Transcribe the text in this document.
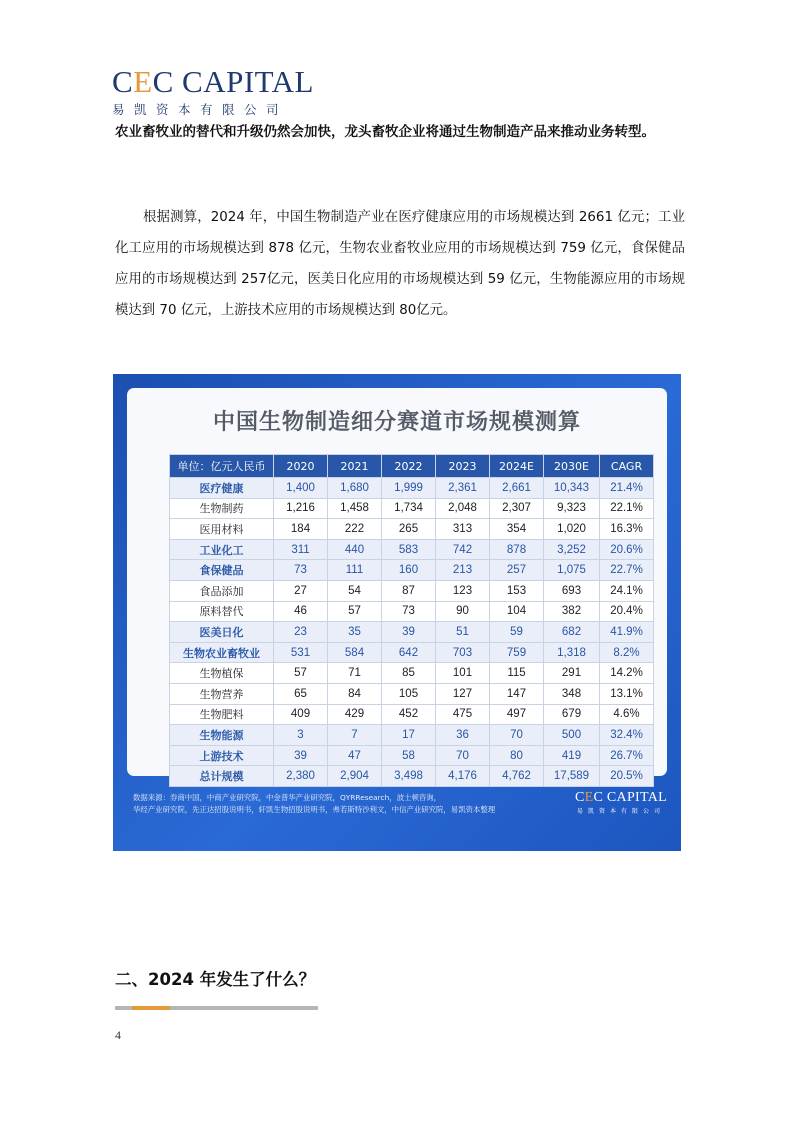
CEC CAPITAL
易凯资本有限公司
农业畜牧业的替代和升级仍然会加快，龙头畜牧企业将通过生物制造产品来推动业务转型。

根据测算，2024 年，中国生物制造产业在医疗健康应用的市场规模达到 2661 亿元；工业化工应用的市场规模达到 878 亿元，生物农业畜牧业应用的市场规模达到 759 亿元，食保健品应用的市场规模达到 257亿元，医美日化应用的市场规模达到 59 亿元，生物能源应用的市场规模达到 70 亿元，上游技术应用的市场规模达到 80亿元。

中国生物制造细分赛道市场规模测算
单位：亿元人民币	2020	2021	2022	2023	2024E	2030E	CAGR
医疗健康	1,400	1,680	1,999	2,361	2,661	10,343	21.4%
生物制药	1,216	1,458	1,734	2,048	2,307	9,323	22.1%
医用材料	184	222	265	313	354	1,020	16.3%
工业化工	311	440	583	742	878	3,252	20.6%
食保健品	73	111	160	213	257	1,075	22.7%
食品添加	27	54	87	123	153	693	24.1%
原料替代	46	57	73	90	104	382	20.4%
医美日化	23	35	39	51	59	682	41.9%
生物农业畜牧业	531	584	642	703	759	1,318	8.2%
生物植保	57	71	85	101	115	291	14.2%
生物营养	65	84	105	127	147	348	13.1%
生物肥料	409	429	452	475	497	679	4.6%
生物能源	3	7	17	36	70	500	32.4%
上游技术	39	47	58	70	80	419	26.7%
总计规模	2,380	2,904	3,498	4,176	4,762	17,589	20.5%
数据来源：券商中国，中商产业研究院，中金普华产业研究院，QYRResearch，波士顿咨询，
华经产业研究院，先正达招股说明书，轩凯生物招股说明书，弗若斯特沙利文，中信产业研究院，易凯资本整理
CEC CAPITAL
易凯资本有限公司
二、2024 年发生了什么？
4
